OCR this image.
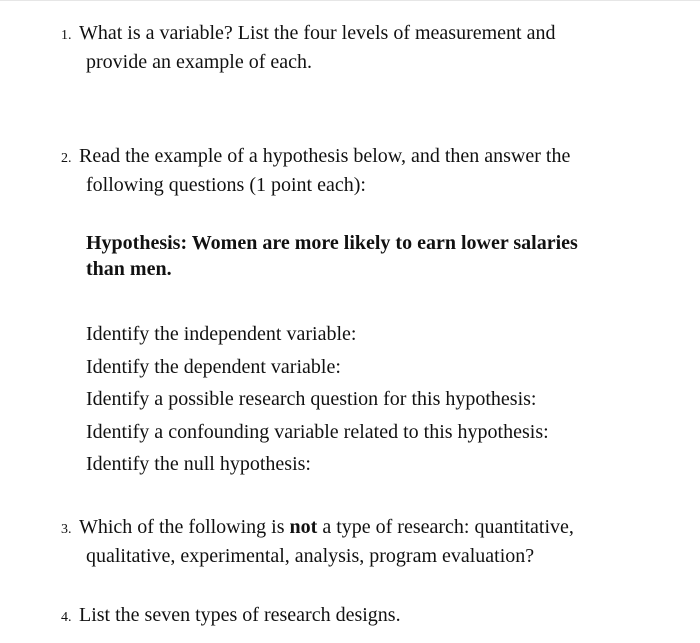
1. What is a variable? List the four levels of measurement and
provide an example of each.
2. Read the example of a hypothesis below, and then answer the
following questions (1 point each):
Hypothesis: Women are more likely to earn lower salaries
than men.
Identify the independent variable:
Identify the dependent variable:
Identify a possible research question for this hypothesis:
Identify a confounding variable related to this hypothesis:
Identify the null hypothesis:
3. Which of the following is not a type of research: quantitative,
qualitative, experimental, analysis, program evaluation?
4. List the seven types of research designs.
